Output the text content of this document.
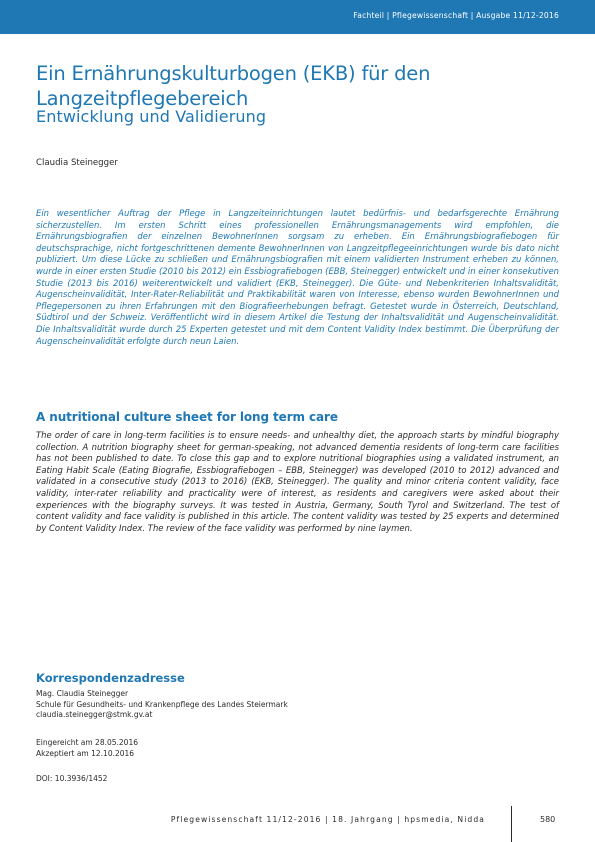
Fachteil | Pflegewissenschaft | Ausgabe 11/12-2016
Ein Ernährungskulturbogen (EKB) für den Langzeitpflegebereich
Entwicklung und Validierung
Claudia Steinegger

Ein wesentlicher Auftrag der Pflege in Langzeiteinrichtungen lautet bedürfnis- und bedarfsgerechte Ernährung sicherzustellen. Im ersten Schritt eines professionellen Ernährungsmanagements wird empfohlen, die Ernährungsbiografien der einzelnen BewohnerInnen sorgsam zu erheben. Ein Ernährungsbiografiebogen für deutschsprachige, nicht fortgeschrittenen demente BewohnerInnen von Langzeitpflegeeinrichtungen wurde bis dato nicht publiziert. Um diese Lücke zu schließen und Ernährungsbiografien mit einem validierten Instrument erheben zu können, wurde in einer ersten Studie (2010 bis 2012) ein Essbiografiebogen (EBB, Steinegger) entwickelt und in einer konsekutiven Studie (2013 bis 2016) weiterentwickelt und validiert (EKB, Steinegger). Die Güte- und Nebenkriterien Inhaltsvalidität, Augenscheinvalidität, Inter-Rater-Reliabilität und Praktikabilität waren von Interesse, ebenso wurden BewohnerInnen und Pflegepersonen zu ihren Erfahrungen mit den Biografieerhebungen befragt. Getestet wurde in Österreich, Deutschland, Südtirol und der Schweiz. Veröffentlicht wird in diesem Artikel die Testung der Inhaltsvalidität und Augenscheinvalidität. Die Inhaltsvalidität wurde durch 25 Experten getestet und mit dem Content Validity Index bestimmt. Die Überprüfung der Augenscheinvalidität erfolgte durch neun Laien.

A nutritional culture sheet for long term care

The order of care in long-term facilities is to ensure needs- and unhealthy diet, the approach starts by mindful biography collection. A nutrition biography sheet for german-speaking, not advanced dementia residents of long-term care facilities has not been published to date. To close this gap and to explore nutritional biographies using a validated instrument, an Eating Habit Scale (Eating Biografie, Essbiografiebogen – EBB, Steinegger) was developed (2010 to 2012) advanced and validated in a consecutive study (2013 to 2016) (EKB, Steinegger). The quality and minor criteria content validity, face validity, inter-rater reliability and practicality were of interest, as residents and caregivers were asked about their experiences with the biography surveys. It was tested in Austria, Germany, South Tyrol and Switzerland. The test of content validity and face validity is published in this article. The content validity was tested by 25 experts and determined by Content Validity Index. The review of the face validity was performed by nine laymen.

Korrespondenzadresse
Mag. Claudia Steinegger
Schule für Gesundheits- und Krankenpflege des Landes Steiermark
claudia.steinegger@stmk.gv.at
Eingereicht am 28.05.2016
Akzeptiert am 12.10.2016
DOI: 10.3936/1452
Pflegewissenschaft 11/12-2016 | 18. Jahrgang | hpsmedia, Nidda	580
